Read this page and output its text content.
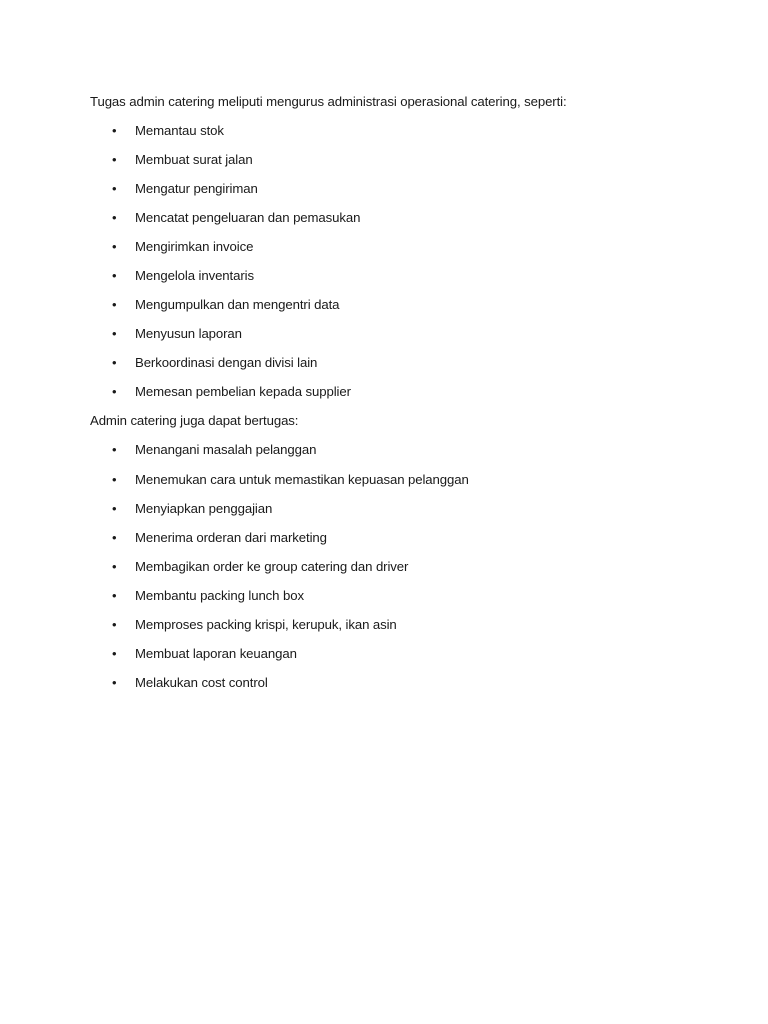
Tugas admin catering meliputi mengurus administrasi operasional catering, seperti:

• Memantau stok
• Membuat surat jalan
• Mengatur pengiriman
• Mencatat pengeluaran dan pemasukan
• Mengirimkan invoice
• Mengelola inventaris
• Mengumpulkan dan mengentri data
• Menyusun laporan
• Berkoordinasi dengan divisi lain
• Memesan pembelian kepada supplier

Admin catering juga dapat bertugas:

• Menangani masalah pelanggan
• Menemukan cara untuk memastikan kepuasan pelanggan
• Menyiapkan penggajian
• Menerima orderan dari marketing
• Membagikan order ke group catering dan driver
• Membantu packing lunch box
• Memproses packing krispi, kerupuk, ikan asin
• Membuat laporan keuangan
• Melakukan cost control
